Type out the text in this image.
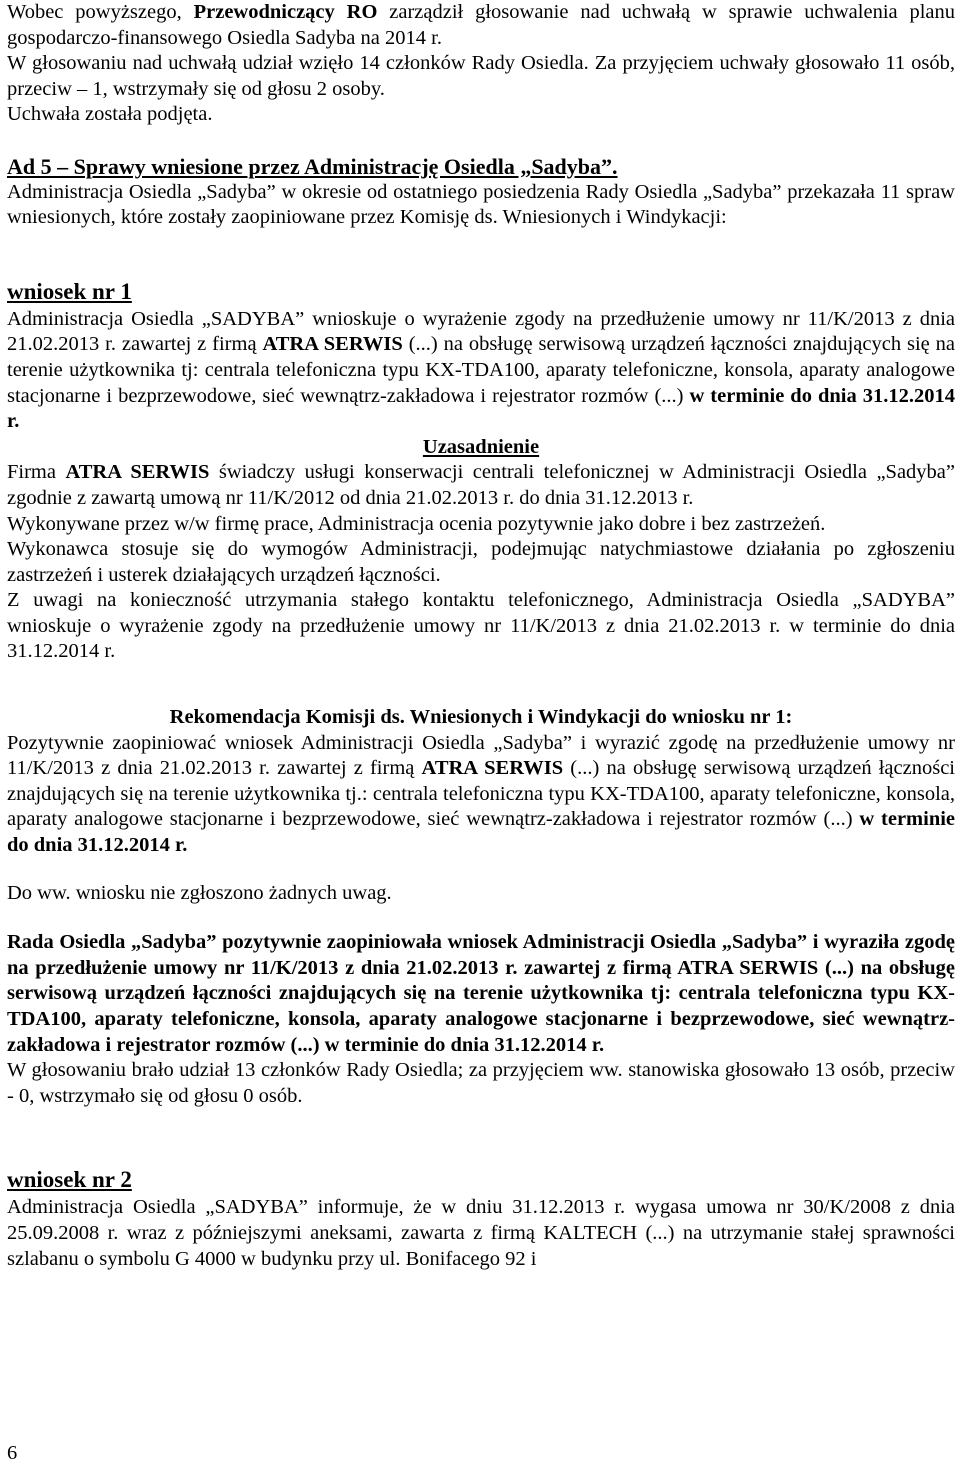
Wobec powyższego, Przewodniczący RO zarządził głosowanie nad uchwałą w sprawie uchwalenia planu gospodarczo-finansowego Osiedla Sadyba na 2014 r.

W głosowaniu nad uchwałą udział wzięło 14 członków Rady Osiedla. Za przyjęciem uchwały głosowało 11 osób, przeciw – 1, wstrzymały się od głosu 2 osoby.

Uchwała została podjęta.

Ad 5 – Sprawy wniesione przez Administrację Osiedla „Sadyba”.

Administracja Osiedla „Sadyba” w okresie od ostatniego posiedzenia Rady Osiedla „Sadyba” przekazała 11 spraw wniesionych, które zostały zaopiniowane przez Komisję ds. Wniesionych i Windykacji:

wniosek nr 1

Administracja Osiedla „SADYBA” wnioskuje o wyrażenie zgody na przedłużenie umowy nr 11/K/2013 z dnia 21.02.2013 r. zawartej z firmą ATRA SERWIS (...) na obsługę serwisową urządzeń łączności znajdujących się na terenie użytkownika tj: centrala telefoniczna typu KX-TDA100, aparaty telefoniczne, konsola, aparaty analogowe stacjonarne i bezprzewodowe, sieć wewnątrz-zakładowa i rejestrator rozmów (...) w terminie do dnia 31.12.2014 r.

Uzasadnienie

Firma ATRA SERWIS świadczy usługi konserwacji centrali telefonicznej w Administracji Osiedla „Sadyba” zgodnie z zawartą umową nr 11/K/2012 od dnia 21.02.2013 r. do dnia 31.12.2013 r.

Wykonywane przez w/w firmę prace, Administracja ocenia pozytywnie jako dobre i bez zastrzeżeń.

Wykonawca stosuje się do wymogów Administracji, podejmując natychmiastowe działania po zgłoszeniu zastrzeżeń i usterek działających urządzeń łączności.

Z uwagi na konieczność utrzymania stałego kontaktu telefonicznego, Administracja Osiedla „SADYBA” wnioskuje o wyrażenie zgody na przedłużenie umowy nr 11/K/2013 z dnia 21.02.2013 r. w terminie do dnia 31.12.2014 r.

Rekomendacja Komisji ds. Wniesionych i Windykacji do wniosku nr 1:

Pozytywnie zaopiniować wniosek Administracji Osiedla „Sadyba” i wyrazić zgodę na przedłużenie umowy nr 11/K/2013 z dnia 21.02.2013 r. zawartej z firmą ATRA SERWIS (...) na obsługę serwisową urządzeń łączności znajdujących się na terenie użytkownika tj.: centrala telefoniczna typu KX-TDA100, aparaty telefoniczne, konsola, aparaty analogowe stacjonarne i bezprzewodowe, sieć wewnątrz-zakładowa i rejestrator rozmów (...) w terminie do dnia 31.12.2014 r.

Do ww. wniosku nie zgłoszono żadnych uwag.

Rada Osiedla „Sadyba” pozytywnie zaopiniowała wniosek Administracji Osiedla „Sadyba” i wyraziła zgodę na przedłużenie umowy nr 11/K/2013 z dnia 21.02.2013 r. zawartej z firmą ATRA SERWIS (...) na obsługę serwisową urządzeń łączności znajdujących się na terenie użytkownika tj: centrala telefoniczna typu KX-TDA100, aparaty telefoniczne, konsola, aparaty analogowe stacjonarne i bezprzewodowe, sieć wewnątrz-zakładowa i rejestrator rozmów (...) w terminie do dnia 31.12.2014 r.

W głosowaniu brało udział 13 członków Rady Osiedla; za przyjęciem ww. stanowiska głosowało 13 osób, przeciw - 0, wstrzymało się od głosu 0 osób.

wniosek nr 2

Administracja Osiedla „SADYBA” informuje, że w dniu 31.12.2013 r. wygasa umowa nr 30/K/2008 z dnia 25.09.2008 r. wraz z późniejszymi aneksami, zawarta z firmą KALTECH (...) na utrzymanie stałej sprawności szlabanu o symbolu G 4000 w budynku przy ul. Bonifacego 92 i

6
